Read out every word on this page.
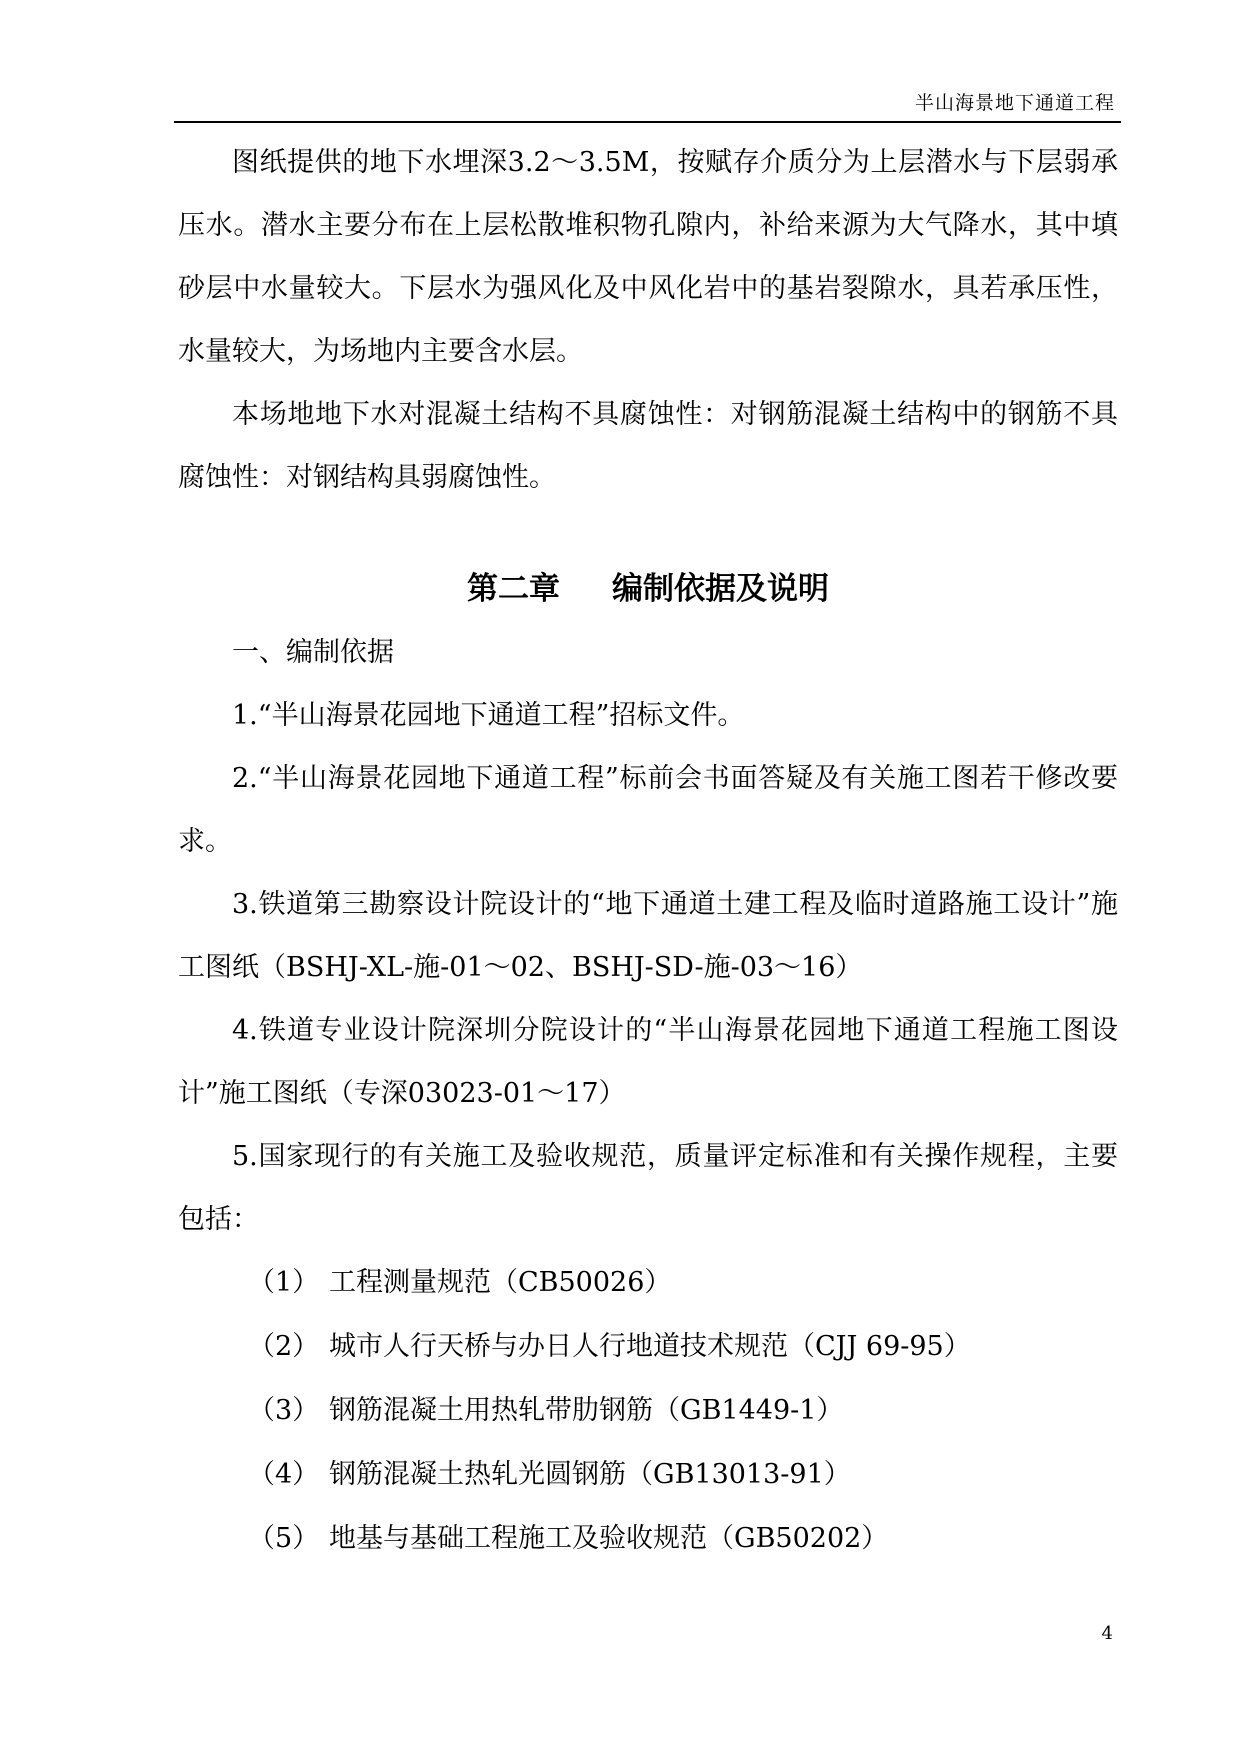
半山海景地下通道工程

图纸提供的地下水埋深3.2～3.5M，按赋存介质分为上层潜水与下层弱承压水。潜水主要分布在上层松散堆积物孔隙内，补给来源为大气降水，其中填砂层中水量较大。下层水为强风化及中风化岩中的基岩裂隙水，具若承压性，水量较大，为场地内主要含水层。

本场地地下水对混凝土结构不具腐蚀性：对钢筋混凝土结构中的钢筋不具腐蚀性：对钢结构具弱腐蚀性。

第二章 编制依据及说明

一、编制依据

1.“半山海景花园地下通道工程”招标文件。

2.“半山海景花园地下通道工程”标前会书面答疑及有关施工图若干修改要求。

3.铁道第三勘察设计院设计的“地下通道土建工程及临时道路施工设计”施工图纸（BSHJ-XL-施-01～02、BSHJ-SD-施-03～16）

4.铁道专业设计院深圳分院设计的“半山海景花园地下通道工程施工图设计”施工图纸（专深03023-01～17）

5.国家现行的有关施工及验收规范，质量评定标准和有关操作规程，主要包括：

（1） 工程测量规范（CB50026）

（2） 城市人行天桥与办日人行地道技术规范（CJJ 69-95）

（3） 钢筋混凝土用热轧带肋钢筋（GB1449-1）

（4） 钢筋混凝土热轧光圆钢筋（GB13013-91）

（5） 地基与基础工程施工及验收规范（GB50202）

4
